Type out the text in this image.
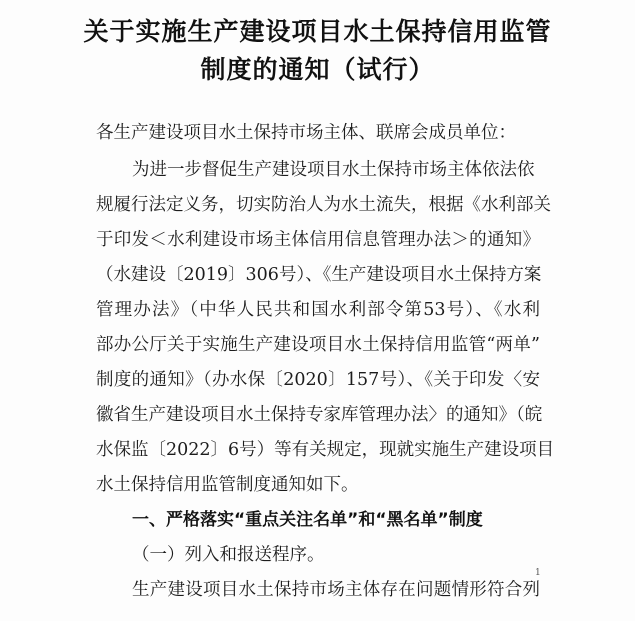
关于实施生产建设项目水土保持信用监管
制度的通知（试行）
各生产建设项目水土保持市场主体、联席会成员单位：
为进一步督促生产建设项目水土保持市场主体依法依
规履行法定义务，切实防治人为水土流失，根据《水利部关
于印发＜水利建设市场主体信用信息管理办法＞的通知》
（水建设〔2019〕306号）、《生产建设项目水土保持方案
管理办法》（中华人民共和国水利部令第53号）、《水利
部办公厅关于实施生产建设项目水土保持信用监管“两单”
制度的通知》（办水保〔2020〕157号）、《关于印发〈安
徽省生产建设项目水土保持专家库管理办法〉的通知》（皖
水保监〔2022〕6号）等有关规定，现就实施生产建设项目
水土保持信用监管制度通知如下。
一、严格落实“重点关注名单”和“黑名单”制度
（一）列入和报送程序。
生产建设项目水土保持市场主体存在问题情形符合列
1
